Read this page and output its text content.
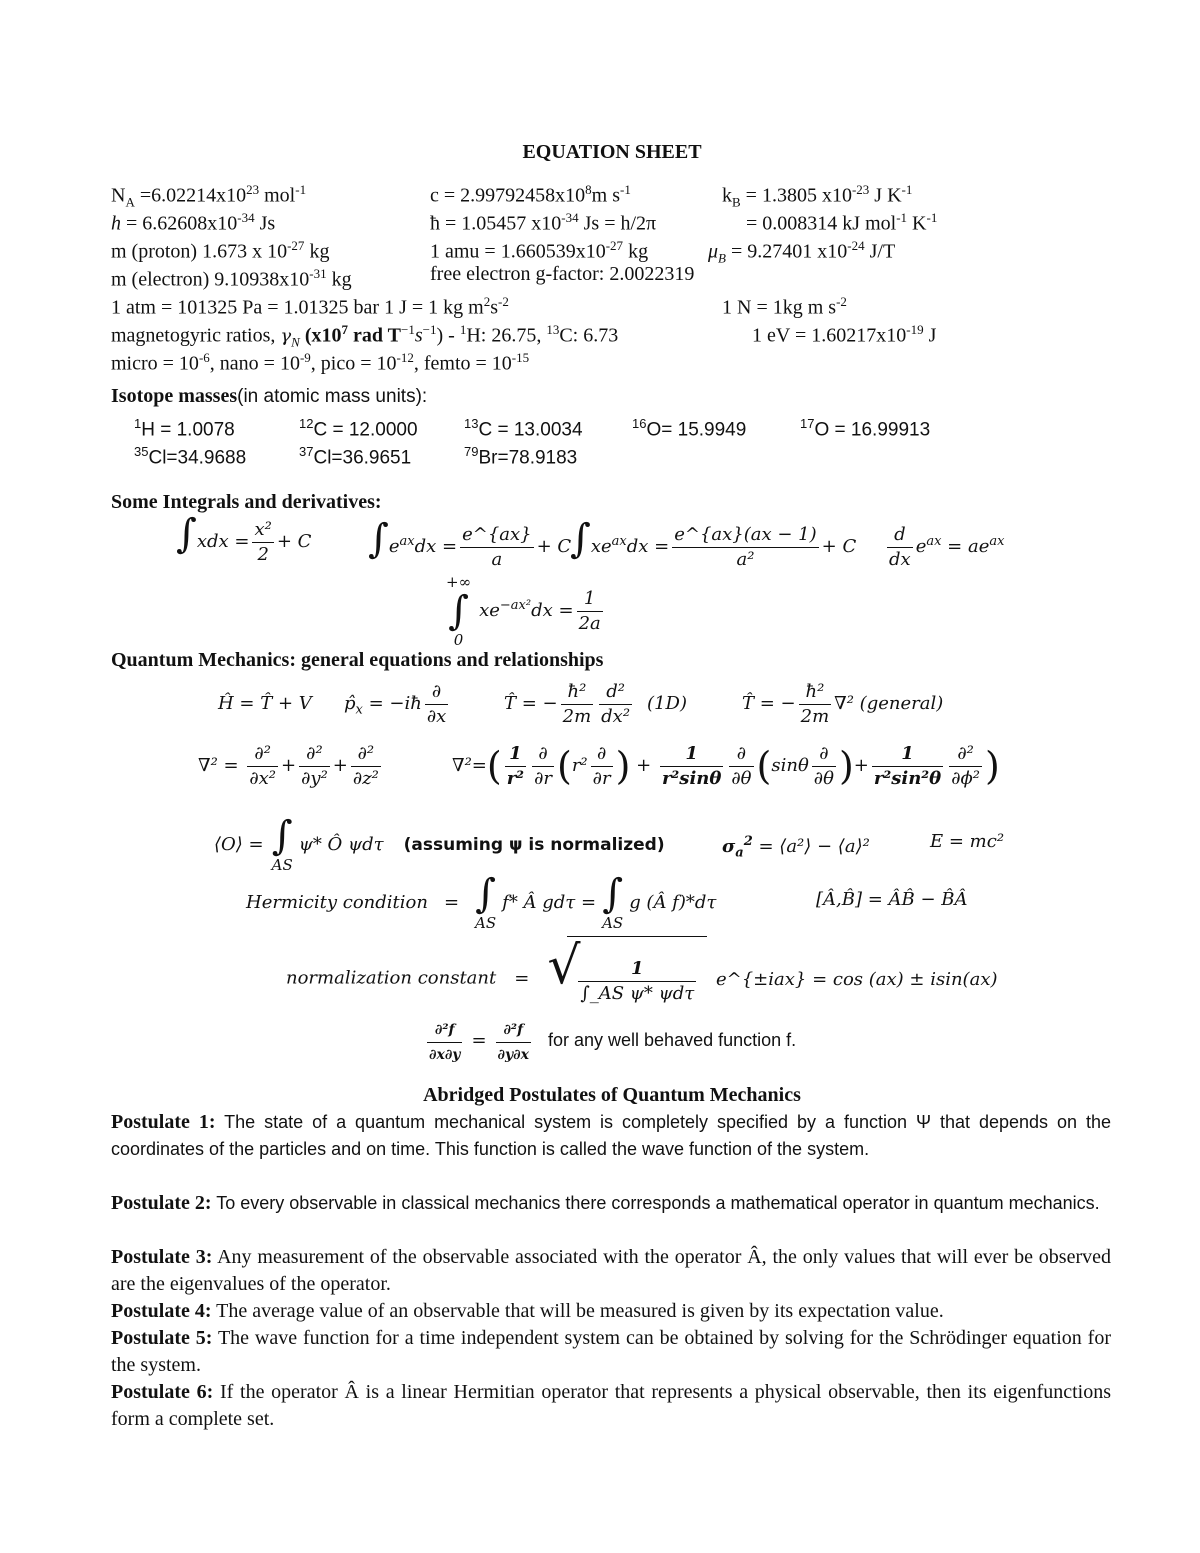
EQUATION SHEET
$N_A =6.02214x10^{23}$ mol$^{-1}$	$c = 2.99792458x10^8m$ $s^{-1}$	$k_B = 1.3805$ $x10^{-23}$ J $K^{-1}$
$h = 6.62608x10^{-34}$ Js	ħ = 1.05457 $x10^{-34}$ Js = h/2π	= 0.008314 kJ mol$^{-1}$ $K^{-1}$
m (proton) 1.673 x $10^{-27}$ kg	1 amu = $1.660539x10^{-27}$ kg	$\mu_B = 9.27401$ $x10^{-24}$ J/T
m (electron) $9.10938x10^{-31}$ kg	free electron g-factor: 2.0022319
1 atm = 101325 Pa = 1.01325 bar 1 J = 1 kg $m^2s^{-2}$	1 N = 1kg m $s^{-2}$
magnetogyric ratios, $\gamma_N$ ($x10^7$ rad $T^{-1}s^{-1}) - ^1H$: 26.75, $^{13}$C: 6.73	1 eV = $1.60217x10^{-19}$ J
micro = $10^{-6}$, nano = $10^{-9}$, pico = $10^{-12}$, femto = $10^{-15}$
Isotope masses(in atomic mass units):
$^1$H = 1.0078	$^{12}$C = 12.0000	$^{13}$C = 13.0034	$^{16}$O= 15.9949	$^{17}$O = 16.99913
$^{35}$Cl=34.9688	$^{37}$Cl=36.9651	$^{79}$Br=78.9183
Some Integrals and derivatives:
$\int xdx = \frac{\text{x²}}{2} + C$ $\int e^{ax}dx = \frac{e\^{}\{ax\}}{a} + C$
$\int xe^{ax}dx = \frac{e\^{}\{ax\}(ax - 1)}{\text{a²}} + C \frac{d}{dx} e^{ax} = ae^{ax}$
+∞
∫
0
$xe^{-ax^2}dx = \frac{1}{2a}$
Quantum Mechanics: general equations and relationships
Ĥ = T̂ + V $p̂_x$ = −iħ $\frac{\partial}{\partial x}$	T̂ = − $\frac{\text{ħ²}}{2m} \frac{\text{d²}}{\text{dx²}} (1D)$	T̂ = − $\frac{\text{ħ²}}{2m} \nabla^2$ (general)
$\nabla^2 = \frac{\text{∂²}}{\text{∂x²}} + \frac{\text{∂²}}{\text{∂y²}} + \frac{\text{∂²}}{\text{∂z²}}$	$\nabla^2=( \frac{1}{\text{r²}} \frac{\partial}{\partial r} (r^2 \frac{\partial}{\partial r}$ ) + $\frac{1}{\text{r²sinθ}} \frac{\partial}{\partial\theta} (\sin\theta \frac{\partial}{\partial\theta}$ )+ $\frac{1}{\text{r²sin²θ}} \frac{\text{∂²}}{\text{∂ϕ²}}$ )
⟨O⟩ = ∫
AS
ψ* Ô ψdτ (assuming ψ is normalized)	$\sigma_a^2$ = ⟨a²⟩ − ⟨a⟩²	E = mc²
Hermicity condition = ∫
AS
f* Â gdτ = ∫
AS
g (Â f)*dτ	[Â,B̂] = ÂB̂ − B̂Â
normalization constant = √
$\frac{1}{\text{∫\_AS ψ* ψdτ}}$ e^{±iax} = cos (ax) ± isin(ax)
$\frac{\text{∂²f}}{\partial x\partial y} = \frac{\text{∂²f}}{\partial y\partial x}$ for any well behaved function f.
Abridged Postulates of Quantum Mechanics
Postulate 1: The state of a quantum mechanical system is completely specified by a function Ψ that depends on the coordinates of the particles and on time. This function is called the wave function of the system.
Postulate 2: To every observable in classical mechanics there corresponds a mathematical operator in quantum mechanics.
Postulate 3: Any measurement of the observable associated with the operator Â, the only values that will ever be observed are the eigenvalues of the operator.
Postulate 4: The average value of an observable that will be measured is given by its expectation value.
Postulate 5: The wave function for a time independent system can be obtained by solving for the Schrödinger equation for the system.
Postulate 6: If the operator Â is a linear Hermitian operator that represents a physical observable, then its eigenfunctions form a complete set.
